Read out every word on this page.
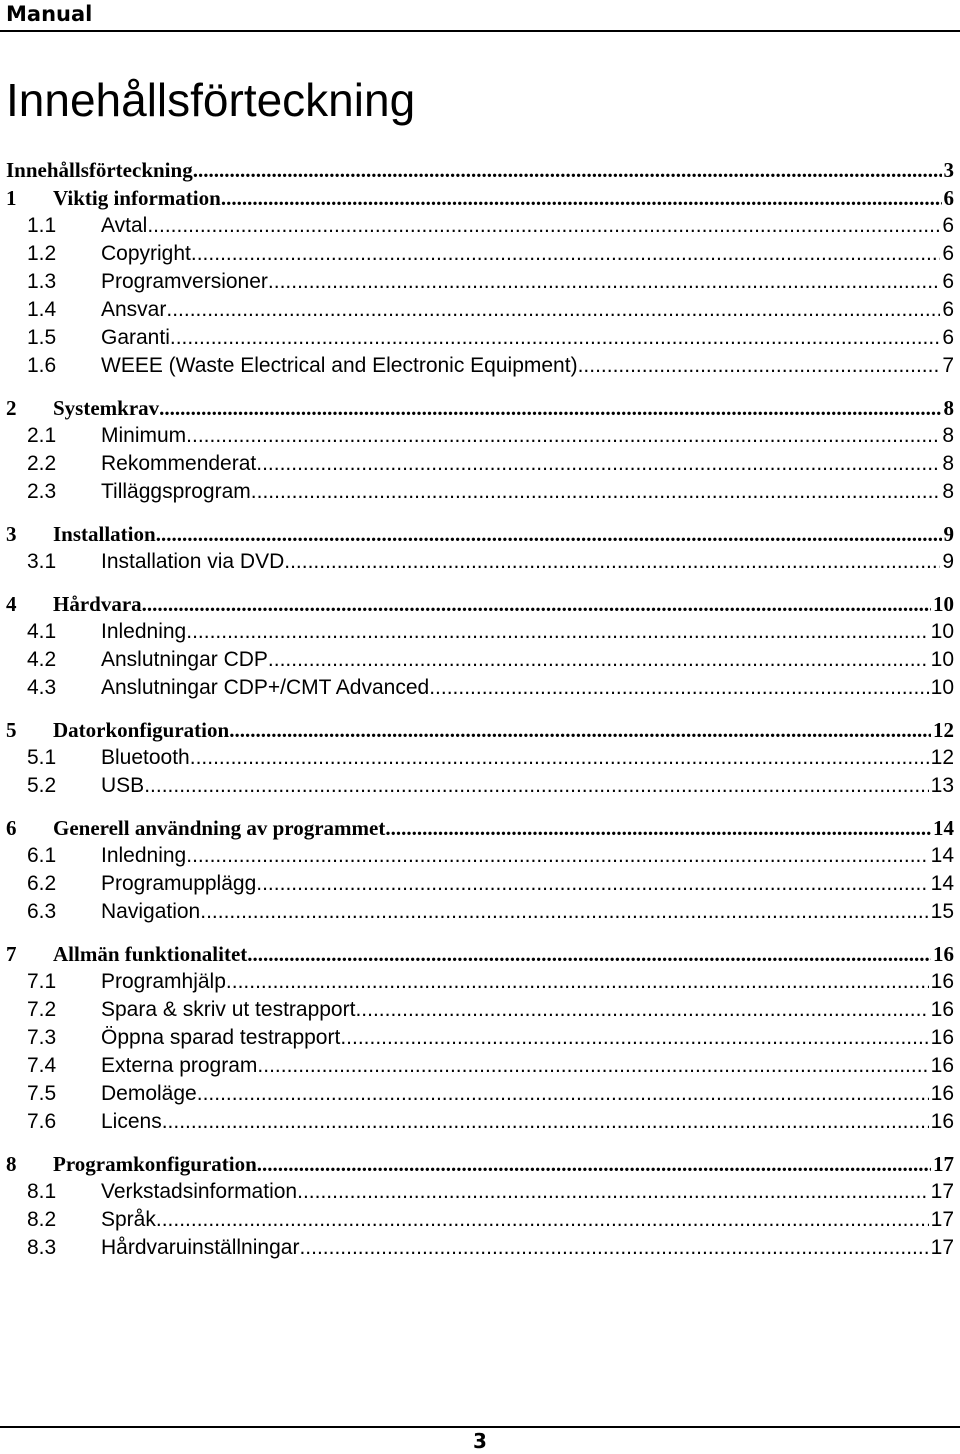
Manual
Innehållsförteckning
Innehållsförteckning .....	3
1	Viktig information .....	6
1.1	Avtal .....	6
1.2	Copyright .....	6
1.3	Programversioner .....	6
1.4	Ansvar .....	6
1.5	Garanti .....	6
1.6	WEEE (Waste Electrical and Electronic Equipment) .....	7
2	Systemkrav .....	8
2.1	Minimum .....	8
2.2	Rekommenderat .....	8
2.3	Tilläggsprogram .....	8
3	Installation .....	9
3.1	Installation via DVD .....	9
4	Hårdvara .....	10
4.1	Inledning .....	10
4.2	Anslutningar CDP .....	10
4.3	Anslutningar CDP+/CMT Advanced .....	10
5	Datorkonfiguration .....	12
5.1	Bluetooth .....	12
5.2	USB .....	13
6	Generell användning av programmet .....	14
6.1	Inledning .....	14
6.2	Programupplägg .....	14
6.3	Navigation .....	15
7	Allmän funktionalitet .....	16
7.1	Programhjälp .....	16
7.2	Spara & skriv ut testrapport .....	16
7.3	Öppna sparad testrapport .....	16
7.4	Externa program .....	16
7.5	Demoläge .....	16
7.6	Licens .....	16
8	Programkonfiguration .....	17
8.1	Verkstadsinformation .....	17
8.2	Språk .....	17
8.3	Hårdvaruinställningar .....	17
3
